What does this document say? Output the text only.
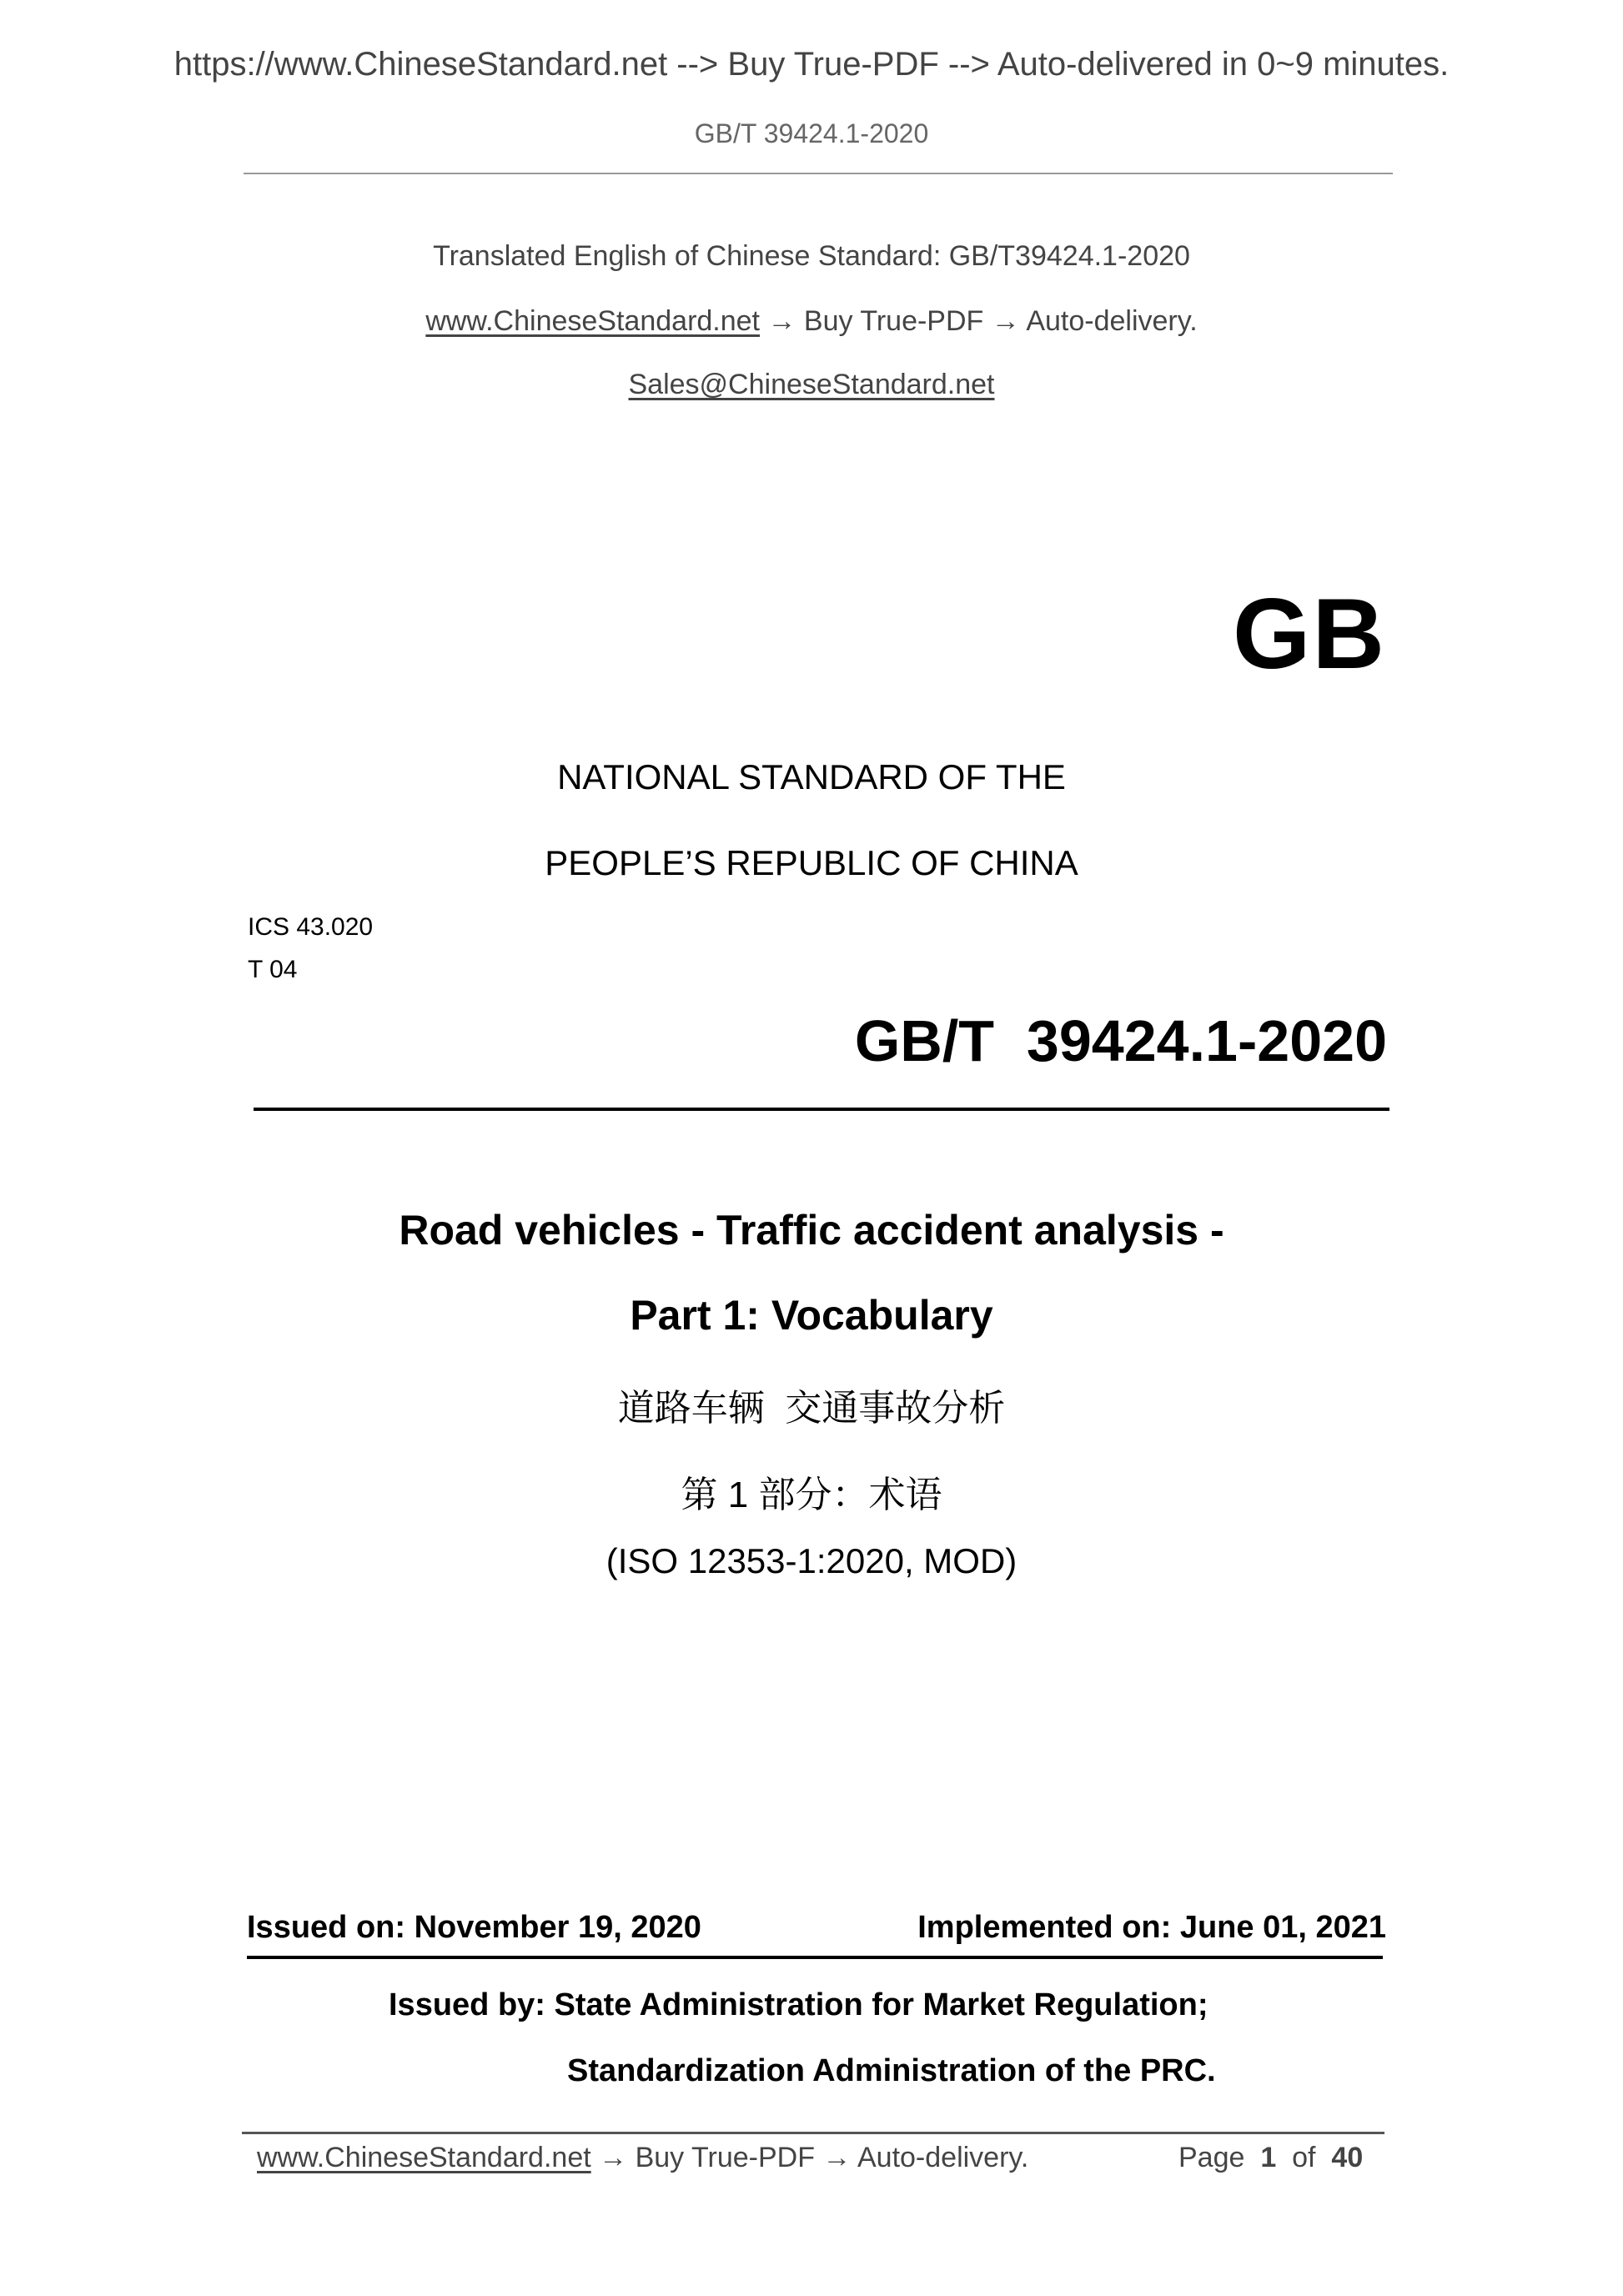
https://www.ChineseStandard.net --> Buy True-PDF --> Auto-delivered in 0~9 minutes.
GB/T 39424.1-2020
Translated English of Chinese Standard: GB/T39424.1-2020
www.ChineseStandard.net → Buy True-PDF → Auto-delivery.
Sales@ChineseStandard.net
GB
NATIONAL STANDARD OF THE
PEOPLE’S REPUBLIC OF CHINA
ICS 43.020
T 04
GB/T  39424.1-2020
Road vehicles - Traffic accident analysis -
Part 1: Vocabulary
道路车辆  交通事故分析
第 1 部分：术语
(ISO 12353-1:2020, MOD)
Issued on: November 19, 2020	Implemented on: June 01, 2021
Issued by: State Administration for Market Regulation;
Standardization Administration of the PRC.
www.ChineseStandard.net → Buy True-PDF → Auto-delivery.	Page 1 of 40
